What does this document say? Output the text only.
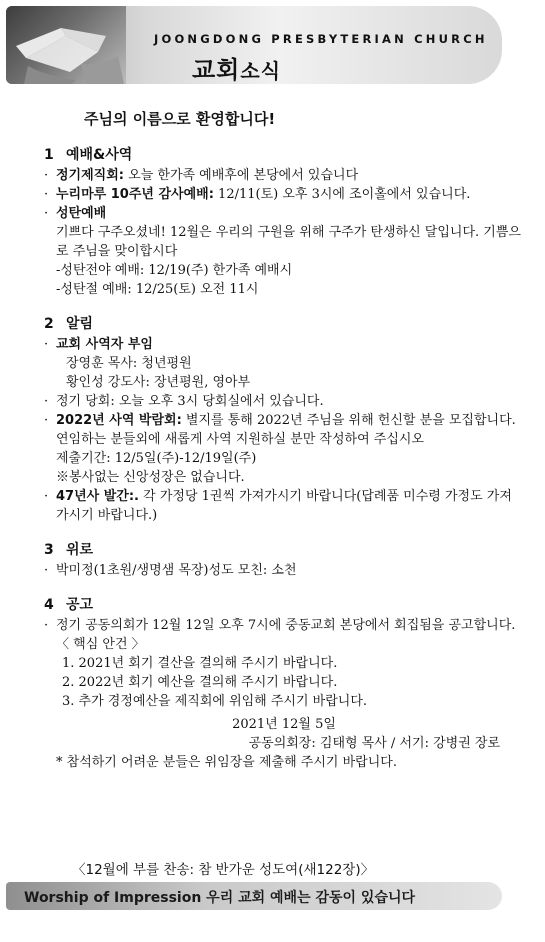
JOONGDONG PRESBYTERIAN CHURCH
교회소식
주님의 이름으로 환영합니다!
1 예배&사역
· 정기제직회: 오늘 한가족 예배후에 본당에서 있습니다
· 누리마루 10주년 감사예배: 12/11(토) 오후 3시에 조이홀에서 있습니다.
· 성탄예배
기쁘다 구주오셨네! 12월은 우리의 구원을 위해 구주가 탄생하신 달입니다. 기쁨으로 주님을 맞이합시다
-성탄전야 예배: 12/19(주) 한가족 예배시
-성탄절 예배: 12/25(토) 오전 11시
2 알림
· 교회 사역자 부임
장영훈 목사: 청년평원
황인성 강도사: 장년평원, 영아부
· 정기 당회: 오늘 오후 3시 당회실에서 있습니다.
· 2022년 사역 박람회: 별지를 통해 2022년 주님을 위해 헌신할 분을 모집합니다. 연임하는 분들외에 새롭게 사역 지원하실 분만 작성하여 주십시오
제출기간: 12/5일(주)-12/19일(주)
※봉사없는 신앙성장은 없습니다.
· 47년사 발간:. 각 가정당 1권씩 가져가시기 바랍니다(답례품 미수령 가정도 가져가시기 바랍니다.)
3 위로
· 박미정(1초원/생명샘 목장)성도 모친: 소천
4 공고
· 정기 공동의회가 12월 12일 오후 7시에 중동교회 본당에서 회집됨을 공고합니다.
〈 핵심 안건 〉
1. 2021년 회기 결산을 결의해 주시기 바랍니다.
2. 2022년 회기 예산을 결의해 주시기 바랍니다.
3. 추가 경정예산을 제직회에 위임해 주시기 바랍니다.
2021년 12월 5일
공동의회장: 김태형 목사 / 서기: 강병권 장로
* 참석하기 어려운 분들은 위임장을 제출해 주시기 바랍니다.
〈12월에 부를 찬송: 참 반가운 성도여(새122장)〉
Worship of Impression 우리 교회 예배는 감동이 있습니다
